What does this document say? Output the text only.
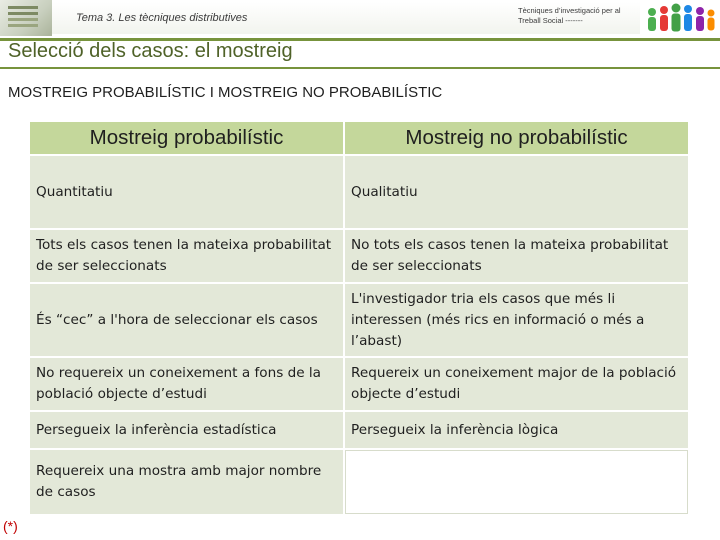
Tema 3. Les tècniques distributives
Tècniques d’investigació per al Treball Social -------
Selecció dels casos: el mostreig
MOSTREIG PROBABILÍSTIC I MOSTREIG NO PROBABILÍSTIC
Mostreig probabilístic	Mostreig no probabilístic
Quantitatiu	Qualitatiu
Tots els casos tenen la mateixa probabilitat de ser seleccionats	No tots els casos tenen la mateixa probabilitat de ser seleccionats
És “cec” a l'hora de seleccionar els casos	L'investigador tria els casos que més li interessen (més rics en informació o més a l’abast)
No requereix un coneixement a fons de la població objecte d’estudi	Requereix un coneixement major de la població objecte d’estudi
Persegueix la inferència estadística	Persegueix la inferència lògica
Requereix una mostra amb major nombre de casos	
(*)
